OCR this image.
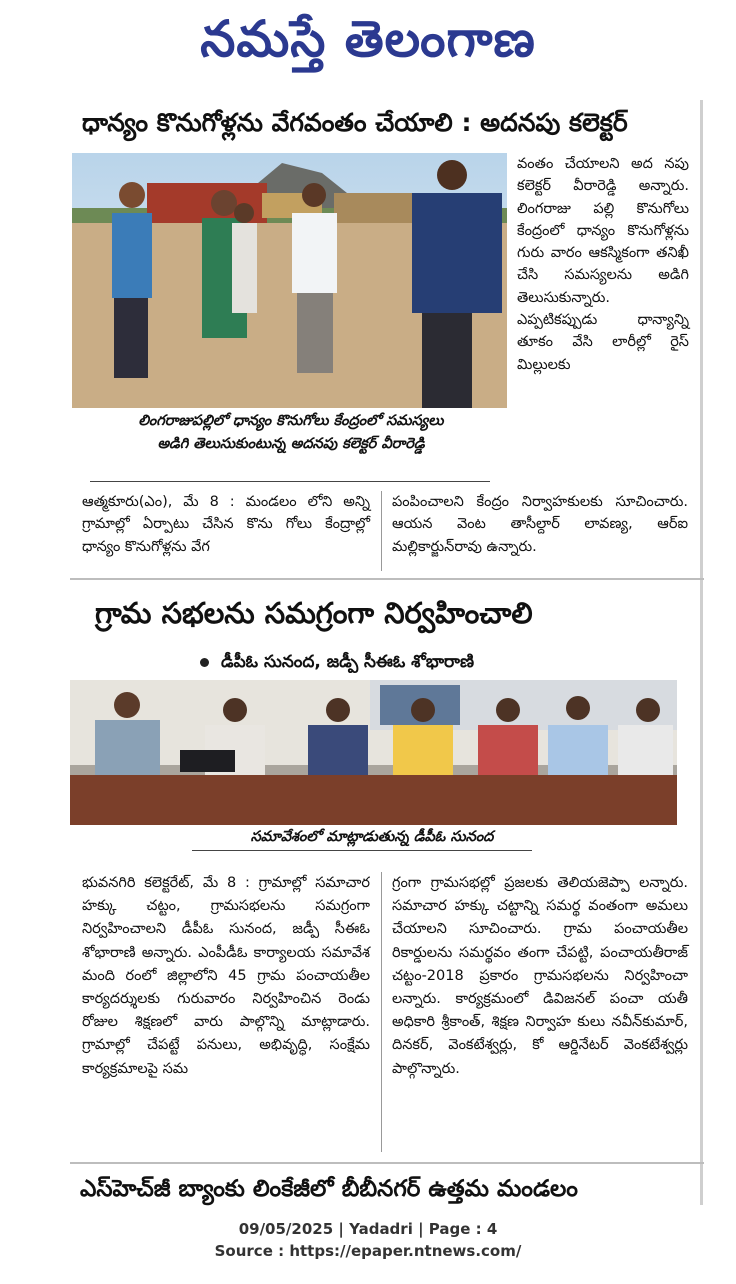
నమస్తే తెలంగాణ
ధాన్యం కొనుగోళ్లను వేగవంతం చేయాలి : అదనపు కలెక్టర్
లింగరాజుపల్లిలో ధాన్యం కొనుగోలు కేంద్రంలో సమస్యలు
అడిగి తెలుసుకుంటున్న అదనపు కలెక్టర్ వీరారెడ్డి

వంతం చేయాలని అద నపు కలెక్టర్ వీరారెడ్డి అన్నారు. లింగరాజు పల్లి కొనుగోలు కేంద్రంలో ధాన్యం కొనుగోళ్లను గురు వారం ఆకస్మికంగా తనిఖీ చేసి సమస్యలను అడిగి తెలుసుకున్నారు. ఎప్పటికప్పుడు ధాన్యాన్ని తూకం వేసి లారీల్లో రైస్ మిల్లులకు

ఆత్మకూరు(ఎం), మే 8 : మండలం లోని అన్ని గ్రామాల్లో ఏర్పాటు చేసిన కొను గోలు కేంద్రాల్లో ధాన్యం కొనుగోళ్లను వేగ

పంపించాలని కేంద్రం నిర్వాహకులకు సూచించారు. ఆయన వెంట తాసీల్దార్ లావణ్య, ఆర్ఐ మల్లికార్జున్‌రావు ఉన్నారు.

గ్రామ సభలను సమగ్రంగా నిర్వహించాలి
డీపీఓ సునంద, జడ్పీ సీఈఓ శోభారాణి
సమావేశంలో మాట్లాడుతున్న డీపీఓ సునంద

భువనగిరి కలెక్టరేట్, మే 8 : గ్రామాల్లో సమాచార హక్కు చట్టం, గ్రామసభలను సమగ్రంగా నిర్వహించాలని డీపీఓ సునంద, జడ్పీ సీఈఓ శోభారాణి అన్నారు. ఎంపీడీఓ కార్యాలయ సమావేశ మంది రంలో జిల్లాలోని 45 గ్రామ పంచాయతీల కార్యదర్శులకు గురువారం నిర్వహించిన రెండు రోజుల శిక్షణలో వారు పాల్గొన్ని మాట్లాడారు. గ్రామాల్లో చేపట్టే పనులు, అభివృద్ధి, సంక్షేమ కార్యక్రమాలపై సమ

గ్రంగా గ్రామసభల్లో ప్రజలకు తెలియజెప్పా లన్నారు. సమాచార హక్కు చట్టాన్ని సమర్థ వంతంగా అమలు చేయాలని సూచించారు. గ్రామ పంచాయతీల రికార్డులను సమర్థవం తంగా చేపట్టి, పంచాయతీరాజ్ చట్టం-2018 ప్రకారం గ్రామసభలను నిర్వహించా లన్నారు. కార్యక్రమంలో డివిజనల్ పంచా యతీ అధికారి శ్రీకాంత్, శిక్షణ నిర్వాహ కులు నవీన్‌కుమార్, దినకర్, వెంకటేశ్వర్లు, కో ఆర్డినేటర్ వెంకటేశ్వర్లు పాల్గొన్నారు.

ఎస్‌హెచ్‌జీ బ్యాంకు లింకేజీలో బీబీనగర్ ఉత్తమ మండలం
09/05/2025 | Yadadri | Page : 4
Source : https://epaper.ntnews.com/
